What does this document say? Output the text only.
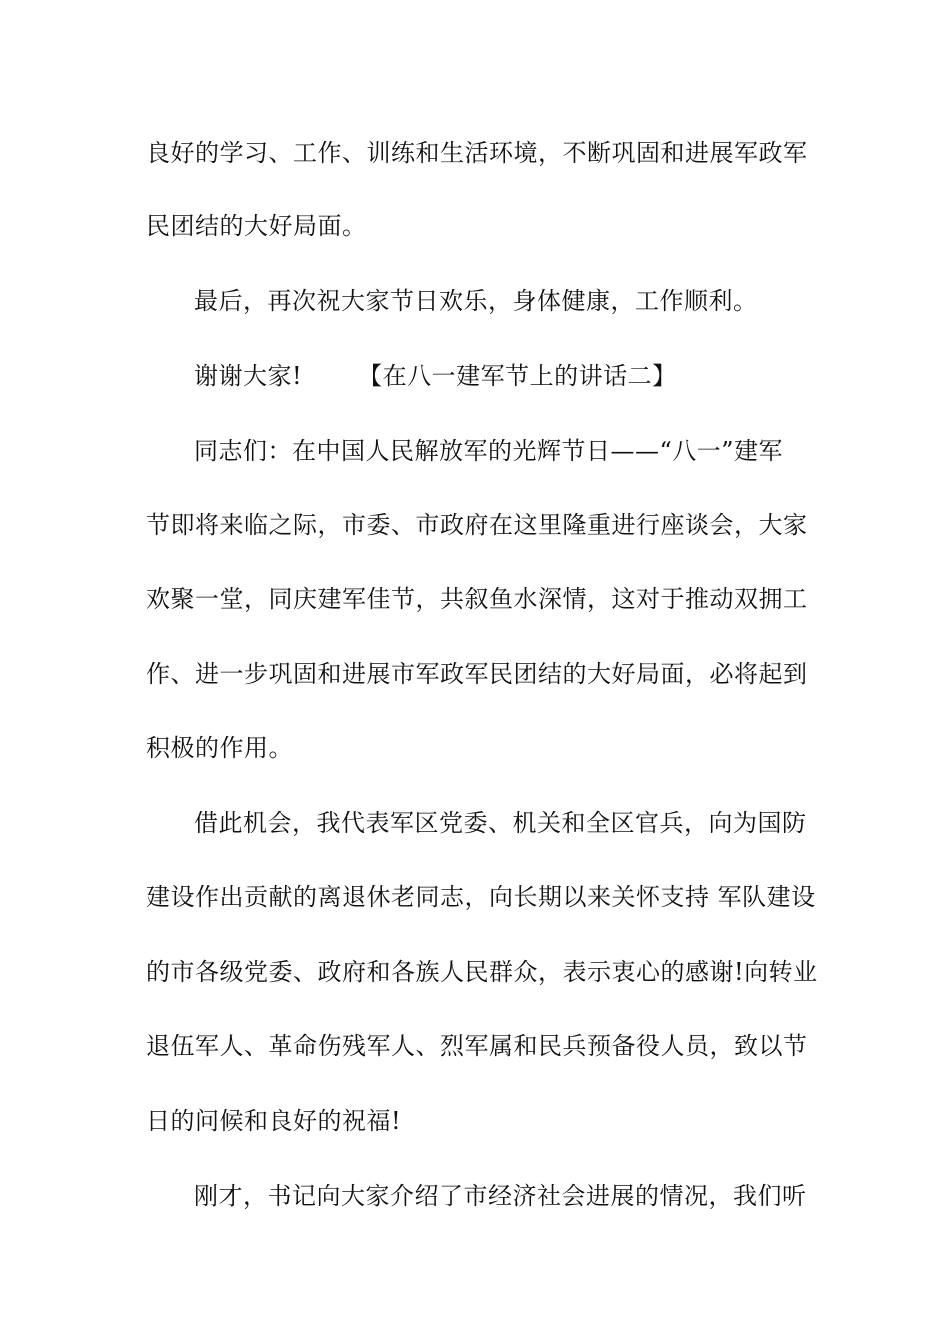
良好的学习、工作、训练和生活环境，不断巩固和进展军政军
民团结的大好局面。
最后，再次祝大家节日欢乐，身体健康，工作顺利。
谢谢大家! 【在八一建军节上的讲话二】
同志们：在中国人民解放军的光辉节日——“八一”建军
节即将来临之际，市委、市政府在这里隆重进行座谈会，大家
欢聚一堂，同庆建军佳节，共叙鱼水深情，这对于推动双拥工
作、进一步巩固和进展市军政军民团结的大好局面，必将起到
积极的作用。
借此机会，我代表军区党委、机关和全区官兵，向为国防
建设作出贡献的离退休老同志，向长期以来关怀支持 军队建设
的市各级党委、政府和各族人民群众，表示衷心的感谢!向转业
退伍军人、革命伤残军人、烈军属和民兵预备役人员，致以节
日的问候和良好的祝福!
刚才，书记向大家介绍了市经济社会进展的情况，我们听
